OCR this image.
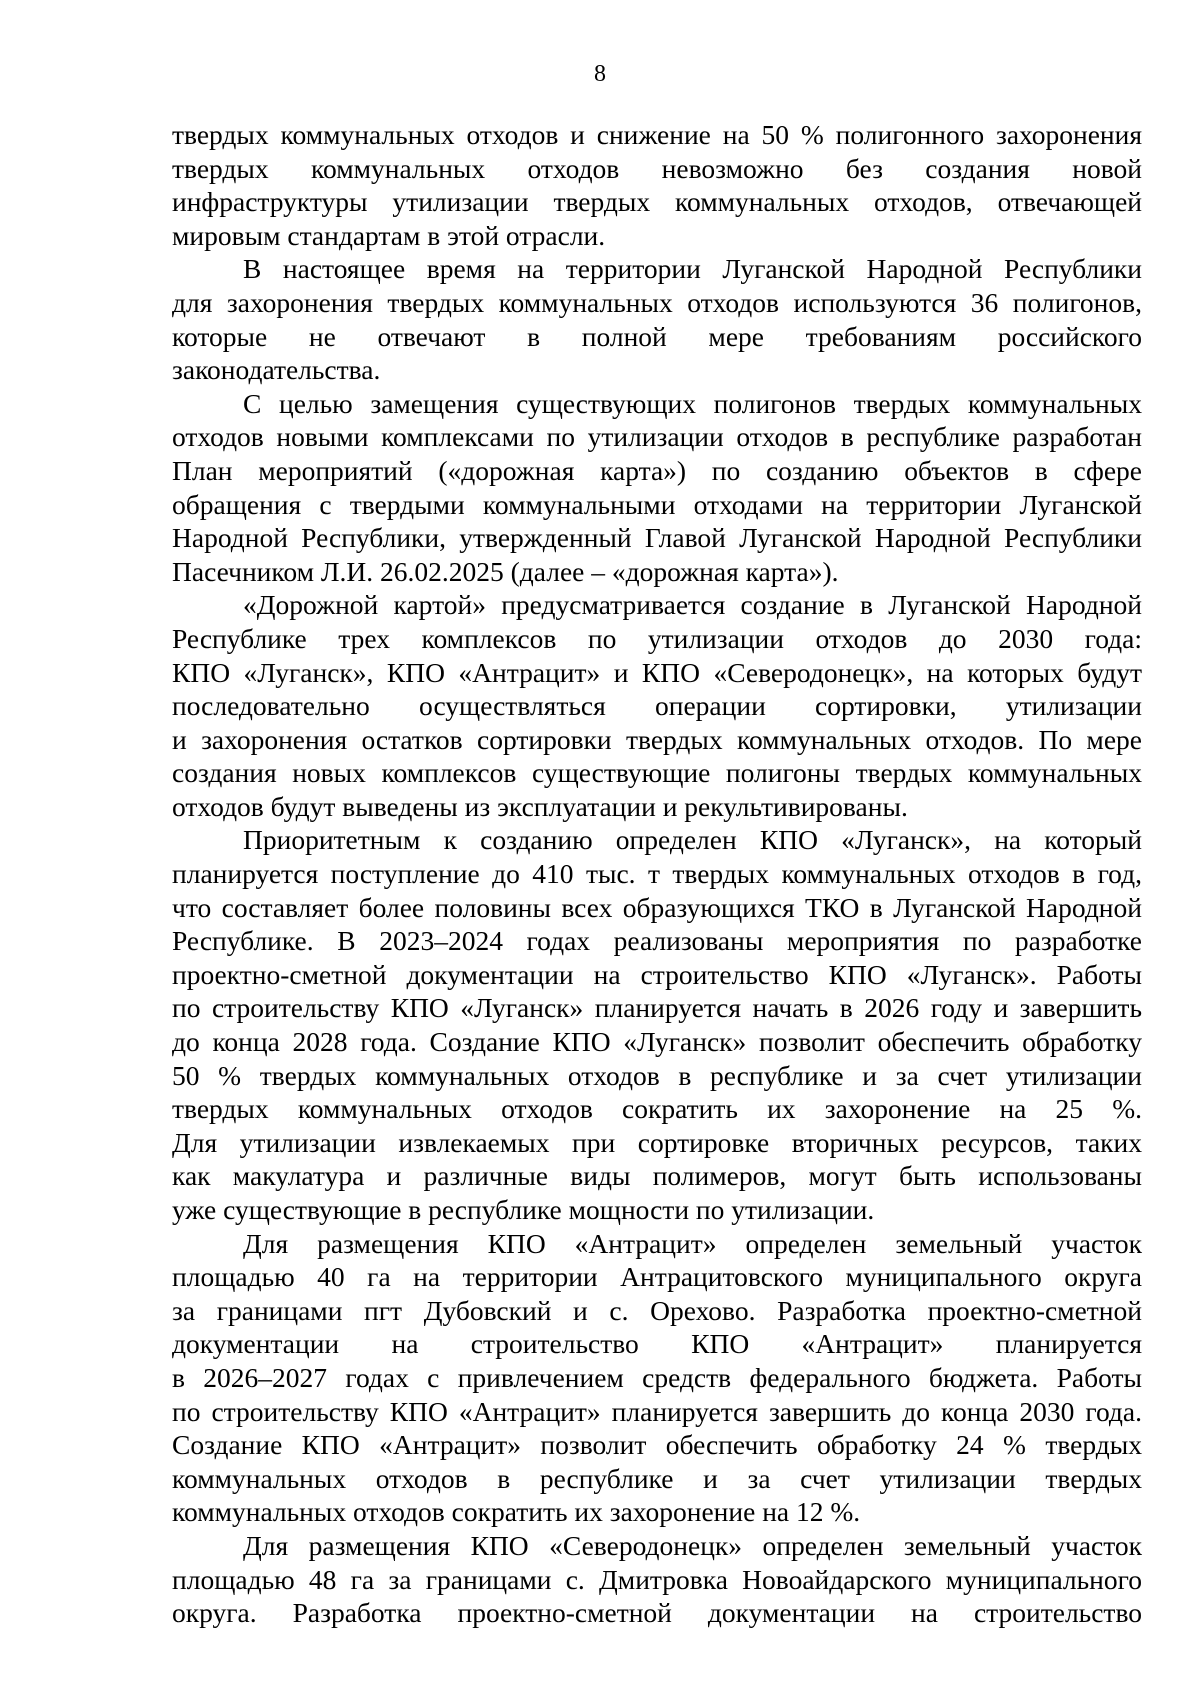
8
твердых коммунальных отходов и снижение на 50 % полигонного захоронения
твердых коммунальных отходов невозможно без создания новой
инфраструктуры утилизации твердых коммунальных отходов, отвечающей
мировым стандартам в этой отрасли.
В настоящее время на территории Луганской Народной Республики
для захоронения твердых коммунальных отходов используются 36 полигонов,
которые не отвечают в полной мере требованиям российского
законодательства.
С целью замещения существующих полигонов твердых коммунальных
отходов новыми комплексами по утилизации отходов в республике разработан
План мероприятий («дорожная карта») по созданию объектов в сфере
обращения с твердыми коммунальными отходами на территории Луганской
Народной Республики, утвержденный Главой Луганской Народной Республики
Пасечником Л.И. 26.02.2025 (далее – «дорожная карта»).
«Дорожной картой» предусматривается создание в Луганской Народной
Республике трех комплексов по утилизации отходов до 2030 года:
КПО «Луганск», КПО «Антрацит» и КПО «Северодонецк», на которых будут
последовательно осуществляться операции сортировки, утилизации
и захоронения остатков сортировки твердых коммунальных отходов. По мере
создания новых комплексов существующие полигоны твердых коммунальных
отходов будут выведены из эксплуатации и рекультивированы.
Приоритетным к созданию определен КПО «Луганск», на который
планируется поступление до 410 тыс. т твердых коммунальных отходов в год,
что составляет более половины всех образующихся ТКО в Луганской Народной
Республике. В 2023–2024 годах реализованы мероприятия по разработке
проектно-сметной документации на строительство КПО «Луганск». Работы
по строительству КПО «Луганск» планируется начать в 2026 году и завершить
до конца 2028 года. Создание КПО «Луганск» позволит обеспечить обработку
50 % твердых коммунальных отходов в республике и за счет утилизации
твердых коммунальных отходов сократить их захоронение на 25 %.
Для утилизации извлекаемых при сортировке вторичных ресурсов, таких
как макулатура и различные виды полимеров, могут быть использованы
уже существующие в республике мощности по утилизации.
Для размещения КПО «Антрацит» определен земельный участок
площадью 40 га на территории Антрацитовского муниципального округа
за границами пгт Дубовский и с. Орехово. Разработка проектно-сметной
документации на строительство КПО «Антрацит» планируется
в 2026–2027 годах с привлечением средств федерального бюджета. Работы
по строительству КПО «Антрацит» планируется завершить до конца 2030 года.
Создание КПО «Антрацит» позволит обеспечить обработку 24 % твердых
коммунальных отходов в республике и за счет утилизации твердых
коммунальных отходов сократить их захоронение на 12 %.
Для размещения КПО «Северодонецк» определен земельный участок
площадью 48 га за границами с. Дмитровка Новоайдарского муниципального
округа. Разработка проектно-сметной документации на строительство
